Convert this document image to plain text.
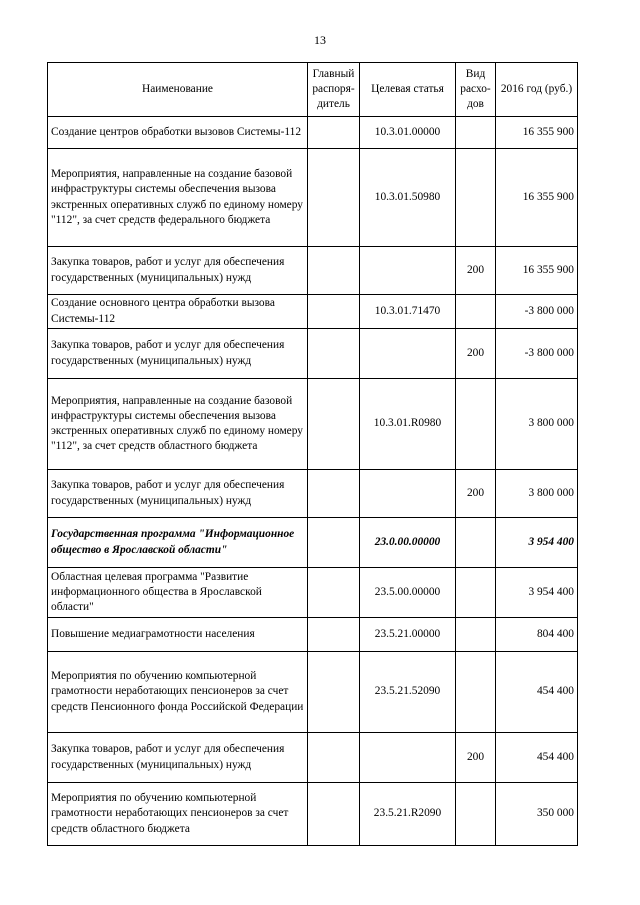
13
Наименование	Главный распоря-дитель	Целевая статья	Вид расхо-дов	2016 год (руб.)
Создание центров обработки вызовов Системы-112		10.3.01.00000		16 355 900
Мероприятия, направленные на создание базовой инфраструктуры системы обеспечения вызова экстренных оперативных служб по единому номеру "112", за счет средств федерального бюджета		10.3.01.50980		16 355 900
Закупка товаров, работ и услуг для обеспечения государственных (муниципальных) нужд			200	16 355 900
Создание основного центра обработки вызова Системы-112		10.3.01.71470		-3 800 000
Закупка товаров, работ и услуг для обеспечения государственных (муниципальных) нужд			200	-3 800 000
Мероприятия, направленные на создание базовой инфраструктуры системы обеспечения вызова экстренных оперативных служб по единому номеру "112", за счет средств областного бюджета		10.3.01.R0980		3 800 000
Закупка товаров, работ и услуг для обеспечения государственных (муниципальных) нужд			200	3 800 000
Государственная программа "Информационное общество в Ярославской области"		23.0.00.00000		3 954 400
Областная целевая программа "Развитие информационного общества в Ярославской области"		23.5.00.00000		3 954 400
Повышение медиаграмотности населения		23.5.21.00000		804 400
Мероприятия по обучению компьютерной грамотности неработающих пенсионеров за счет средств Пенсионного фонда Российской Федерации		23.5.21.52090		454 400
Закупка товаров, работ и услуг для обеспечения государственных (муниципальных) нужд			200	454 400
Мероприятия по обучению компьютерной грамотности неработающих пенсионеров за счет средств областного бюджета		23.5.21.R2090		350 000
